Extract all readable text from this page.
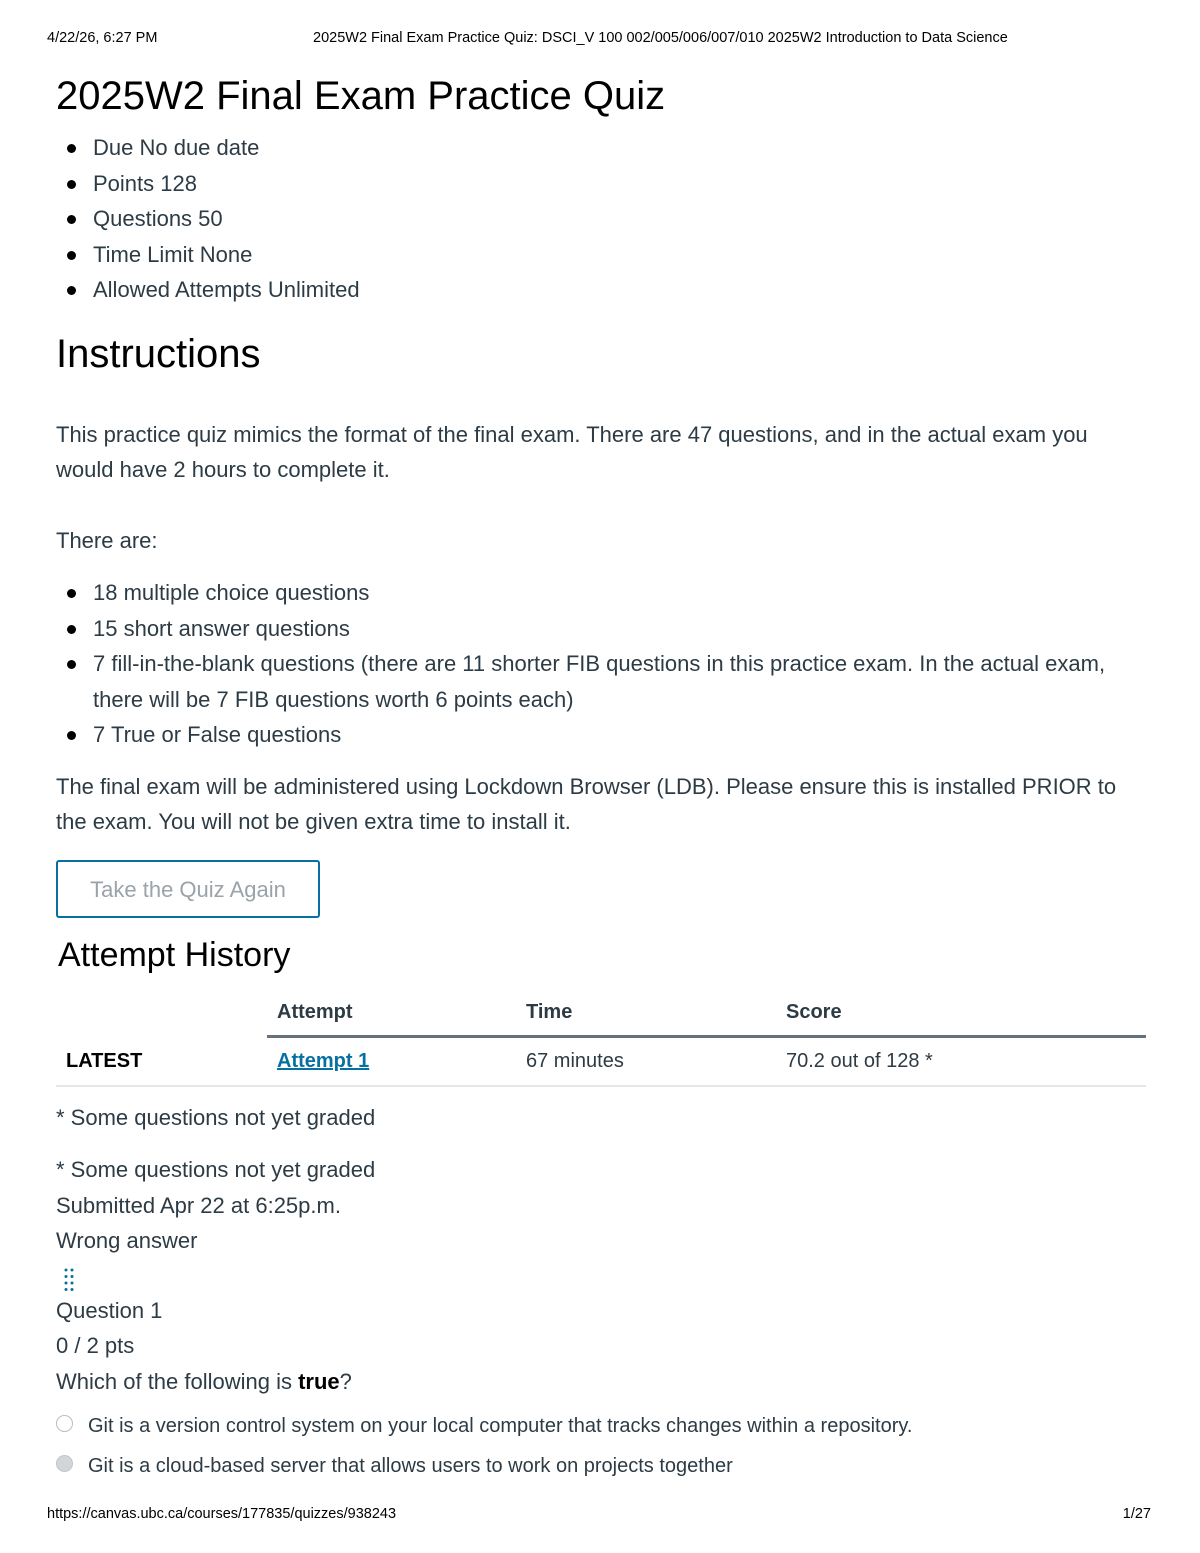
4/22/26, 6:27 PM	2025W2 Final Exam Practice Quiz: DSCI_V 100 002/005/006/007/010 2025W2 Introduction to Data Science
2025W2 Final Exam Practice Quiz
Due No due date
Points 128
Questions 50
Time Limit None
Allowed Attempts Unlimited
Instructions

This practice quiz mimics the format of the final exam. There are 47 questions, and in the actual exam you would have 2 hours to complete it.

There are:

18 multiple choice questions
15 short answer questions
7 fill-in-the-blank questions (there are 11 shorter FIB questions in this practice exam. In the actual exam, there will be 7 FIB questions worth 6 points each)
7 True or False questions

The final exam will be administered using Lockdown Browser (LDB). Please ensure this is installed PRIOR to the exam. You will not be given extra time to install it.

Take the Quiz Again
Attempt History
	Attempt	Time	Score
LATEST	Attempt 1	67 minutes	70.2 out of 128 *

* Some questions not yet graded

* Some questions not yet graded

Submitted Apr 22 at 6:25p.m.

Wrong answer

Question 1

0 / 2 pts

Which of the following is true?

Git is a version control system on your local computer that tracks changes within a repository.
Git is a cloud-based server that allows users to work on projects together
https://canvas.ubc.ca/courses/177835/quizzes/938243	1/27
